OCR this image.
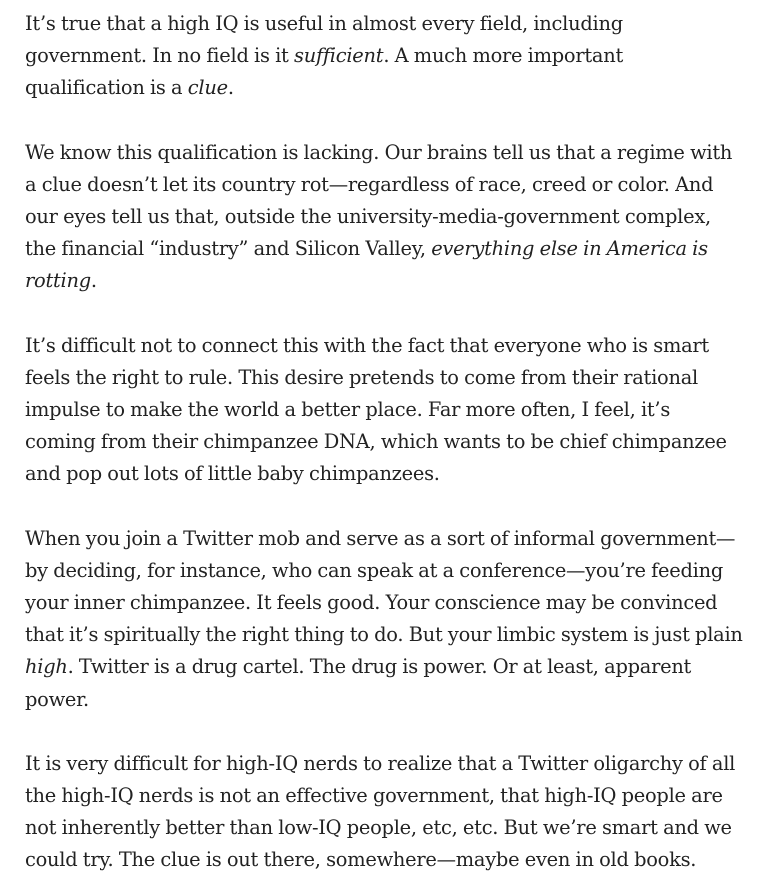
It’s true that a high IQ is useful in almost every field, including government. In no field is it sufficient. A much more important qualification is a clue.

We know this qualification is lacking. Our brains tell us that a regime with a clue doesn’t let its country rot—regardless of race, creed or color. And our eyes tell us that, outside the university-media-government complex, the financial “industry” and Silicon Valley, everything else in America is rotting.

It’s difficult not to connect this with the fact that everyone who is smart feels the right to rule. This desire pretends to come from their rational impulse to make the world a better place. Far more often, I feel, it’s coming from their chimpanzee DNA, which wants to be chief chimpanzee and pop out lots of little baby chimpanzees.

When you join a Twitter mob and serve as a sort of informal government—by deciding, for instance, who can speak at a conference—you’re feeding your inner chimpanzee. It feels good. Your conscience may be convinced that it’s spiritually the right thing to do. But your limbic system is just plain high. Twitter is a drug cartel. The drug is power. Or at least, apparent power.

It is very difficult for high-IQ nerds to realize that a Twitter oligarchy of all the high-IQ nerds is not an effective government, that high-IQ people are not inherently better than low-IQ people, etc, etc. But we’re smart and we could try. The clue is out there, somewhere—maybe even in old books.
